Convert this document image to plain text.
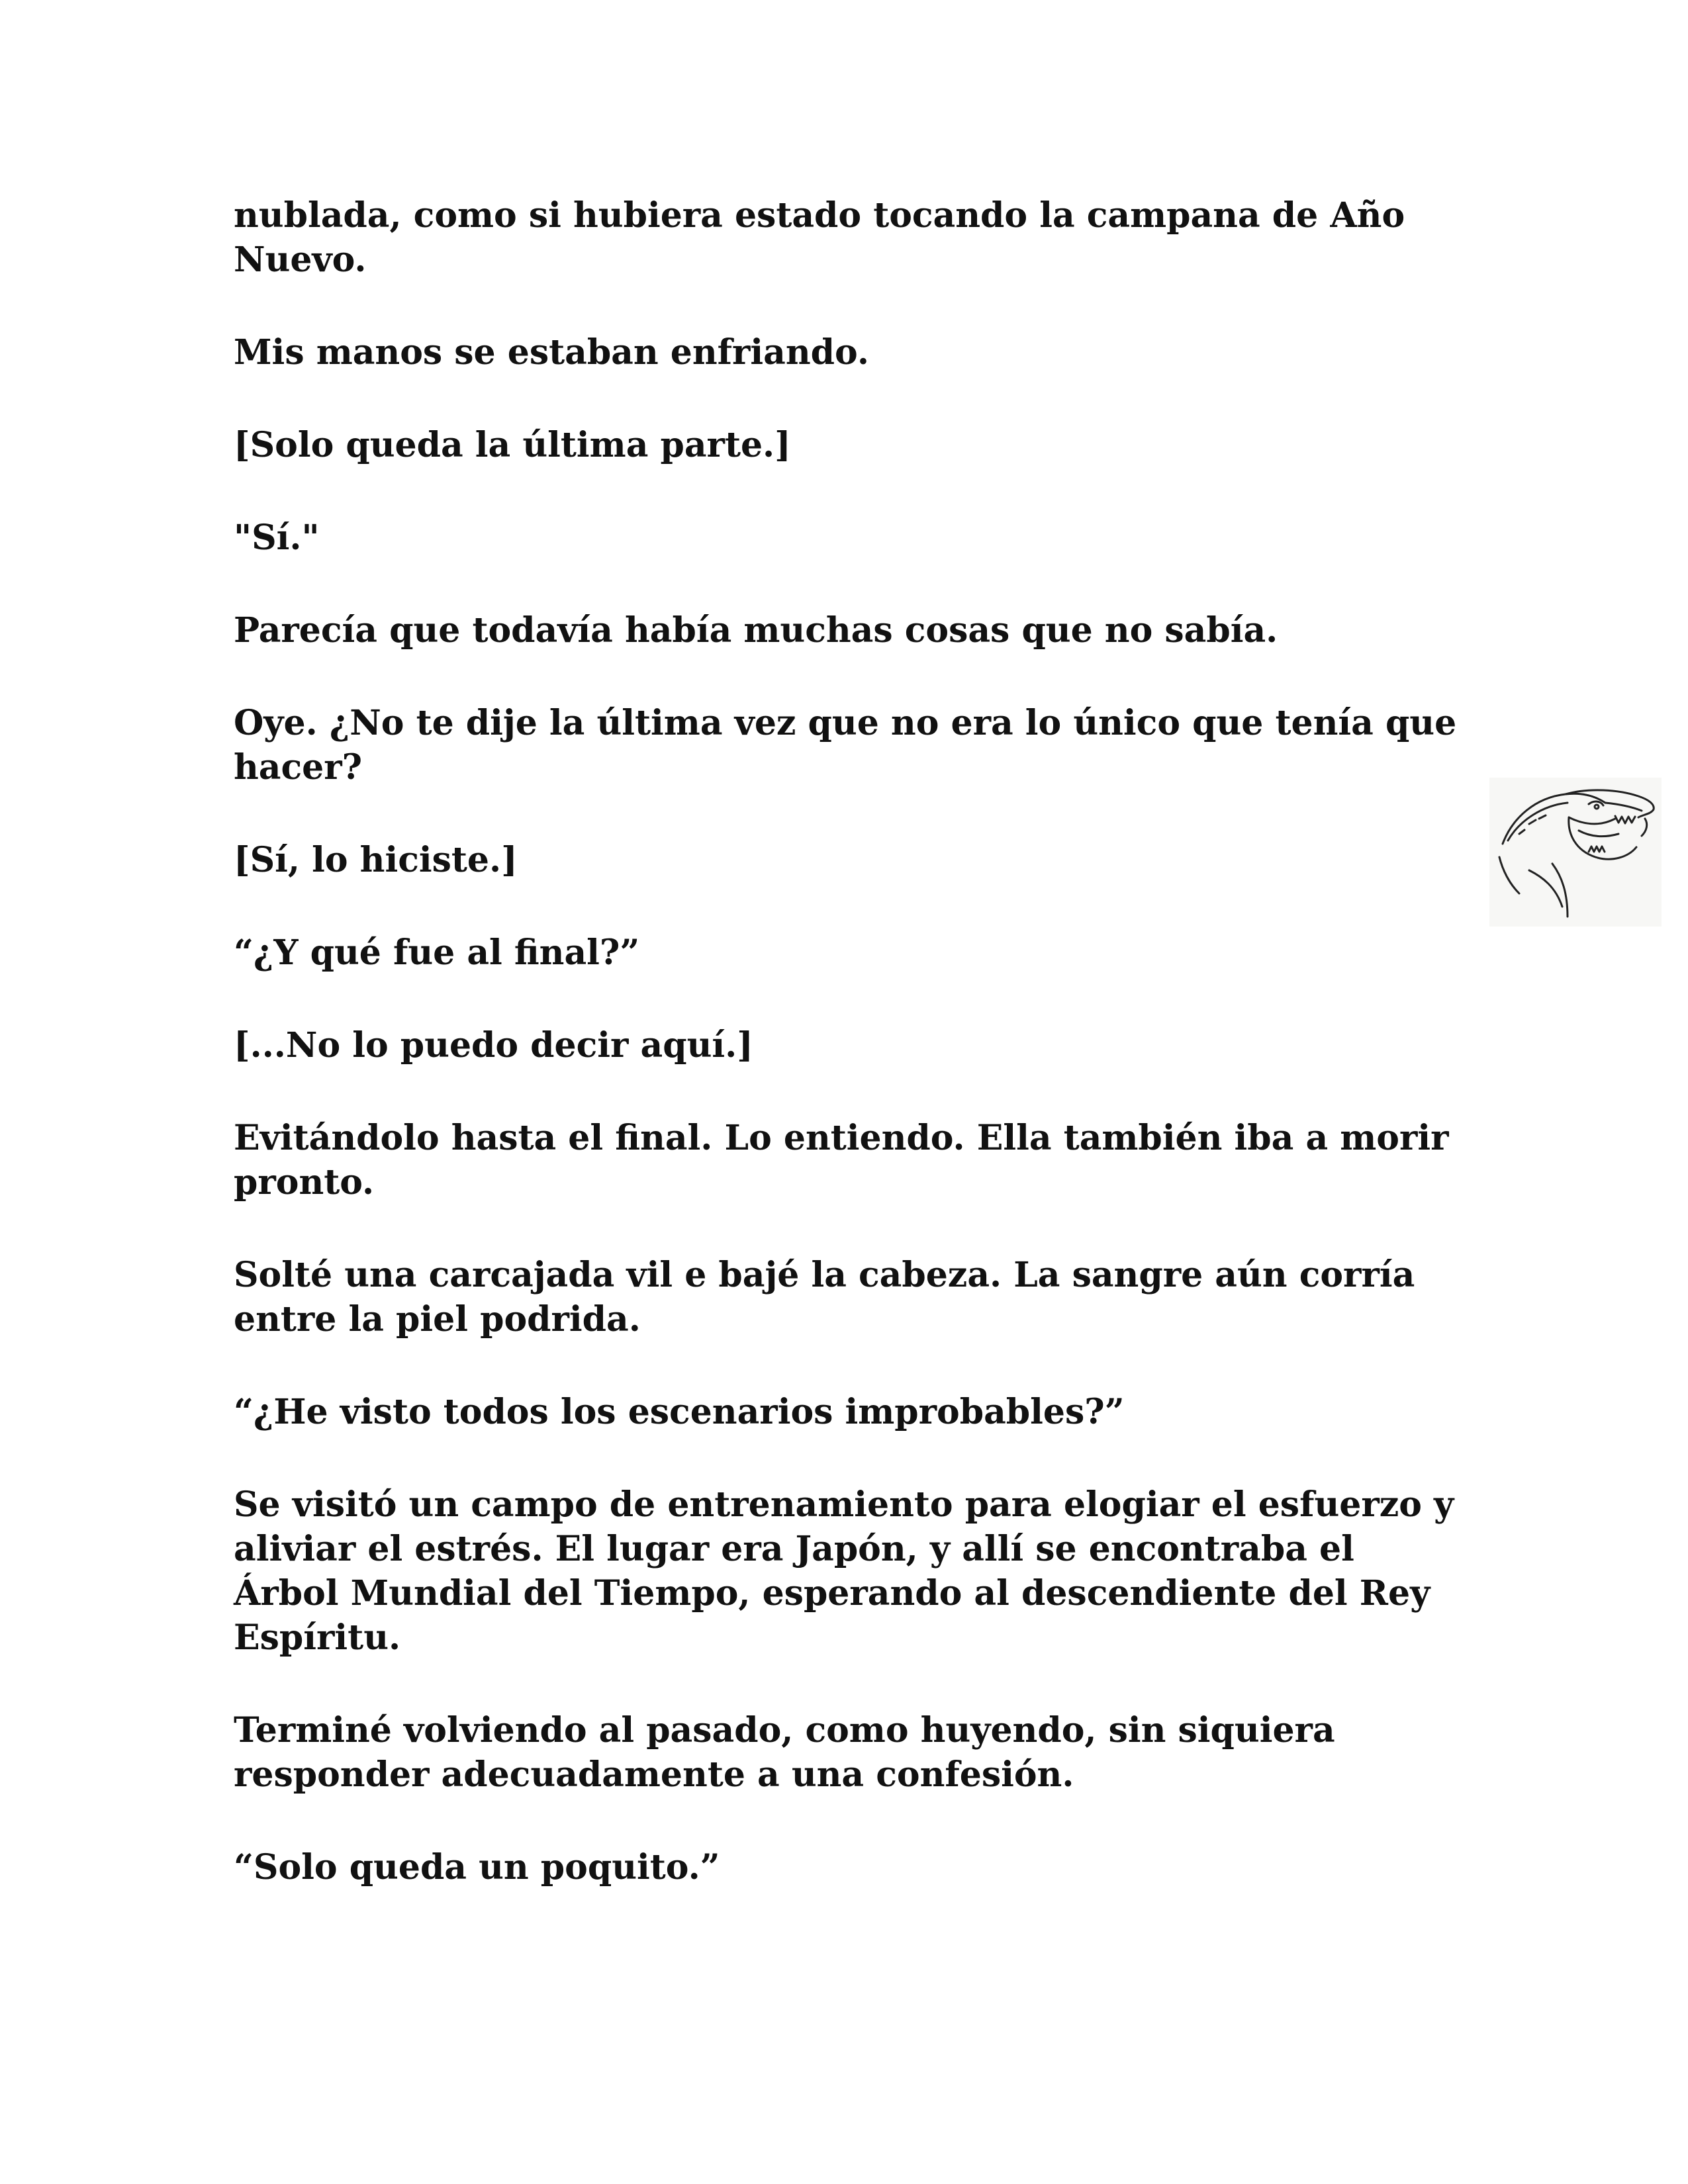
nublada, como si hubiera estado tocando la campana de Año Nuevo.

Mis manos se estaban enfriando.

[Solo queda la última parte.]

"Sí."

Parecía que todavía había muchas cosas que no sabía.

Oye. ¿No te dije la última vez que no era lo único que tenía que hacer?

[Sí, lo hiciste.]

“¿Y qué fue al final?”

[...No lo puedo decir aquí.]

Evitándolo hasta el final. Lo entiendo. Ella también iba a morir pronto.

Solté una carcajada vil e bajé la cabeza. La sangre aún corría entre la piel podrida.

“¿He visto todos los escenarios improbables?”

Se visitó un campo de entrenamiento para elogiar el esfuerzo y aliviar el estrés. El lugar era Japón, y allí se encontraba el Árbol Mundial del Tiempo, esperando al descendiente del Rey Espíritu.

Terminé volviendo al pasado, como huyendo, sin siquiera responder adecuadamente a una confesión.

“Solo queda un poquito.”
